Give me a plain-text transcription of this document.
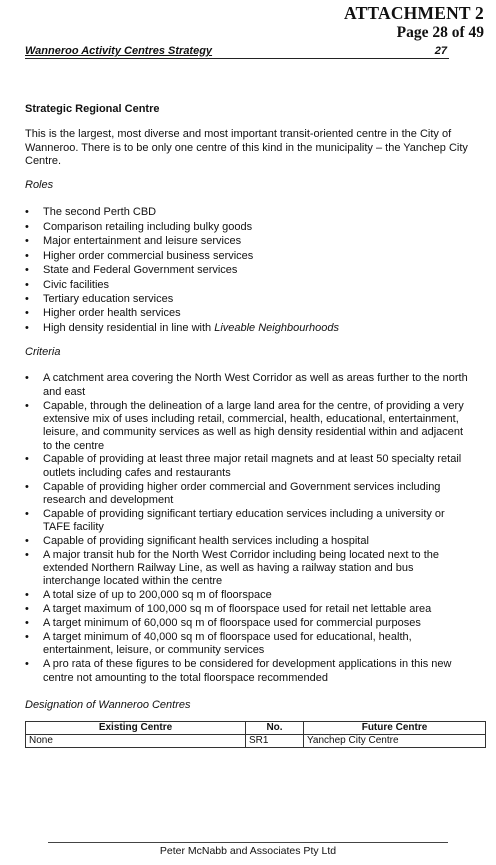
ATTACHMENT 2
Page 28 of 49
Wanneroo Activity Centres Strategy	27
Strategic Regional Centre

This is the largest, most diverse and most important transit-oriented centre in the City of Wanneroo. There is to be only one centre of this kind in the municipality – the Yanchep City Centre.

Roles
• The second Perth CBD
• Comparison retailing including bulky goods
• Major entertainment and leisure services
• Higher order commercial business services
• State and Federal Government services
• Civic facilities
• Tertiary education services
• Higher order health services
• High density residential in line with Liveable Neighbourhoods
Criteria
• A catchment area covering the North West Corridor as well as areas further to the north and east
• Capable, through the delineation of a large land area for the centre, of providing a very extensive mix of uses including retail, commercial, health, educational, entertainment, leisure, and community services as well as high density residential within and adjacent to the centre
• Capable of providing at least three major retail magnets and at least 50 specialty retail outlets including cafes and restaurants
• Capable of providing higher order commercial and Government services including research and development
• Capable of providing significant tertiary education services including a university or TAFE facility
• Capable of providing significant health services including a hospital
• A major transit hub for the North West Corridor including being located next to the extended Northern Railway Line, as well as having a railway station and bus interchange located within the centre
• A total size of up to 200,000 sq m of floorspace
• A target maximum of 100,000 sq m of floorspace used for retail net lettable area
• A target minimum of 60,000 sq m of floorspace used for commercial purposes
• A target minimum of 40,000 sq m of floorspace used for educational, health, entertainment, leisure, or community services
• A pro rata of these figures to be considered for development applications in this new centre not amounting to the total floorspace recommended
Designation of Wanneroo Centres
Existing Centre	No.	Future Centre
None	SR1	Yanchep City Centre
Peter McNabb and Associates Pty Ltd
